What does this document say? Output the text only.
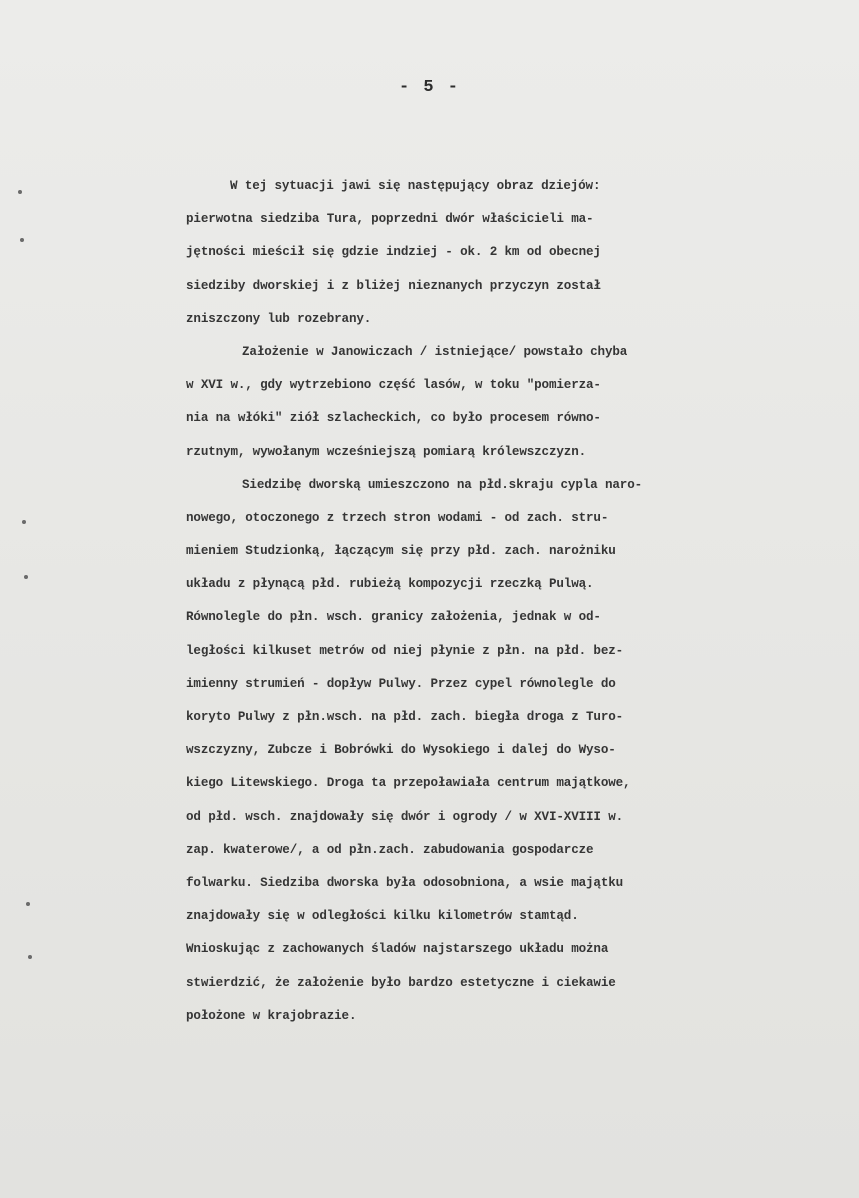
- 5 -
W tej sytuacji jawi się następujący obraz dziejów:
pierwotna siedziba Tura, poprzedni dwór właścicieli ma-
jętności mieścił się gdzie indziej - ok. 2 km od obecnej
siedziby dworskiej i z bliżej nieznanych przyczyn został
zniszczony lub rozebrany.
Założenie w Janowiczach / istniejące/ powstało chyba
w XVI w., gdy wytrzebiono część lasów, w toku "pomierza-
nia na włóki" ziół szlacheckich, co było procesem równo-
rzutnym, wywołanym wcześniejszą pomiarą królewszczyzn.
Siedzibę dworską umieszczono na płd.skraju cypla naro-
nowego, otoczonego z trzech stron wodami - od zach. stru-
mieniem Studzionką, łączącym się przy płd. zach. narożniku
układu z płynącą płd. rubieżą kompozycji rzeczką Pulwą.
Równolegle do płn. wsch. granicy założenia, jednak w od-
ległości kilkuset metrów od niej płynie z płn. na płd. bez-
imienny strumień - dopływ Pulwy. Przez cypel równolegle do
koryto Pulwy z płn.wsch. na płd. zach. biegła droga z Turo-
wszczyzny, Zubcze i Bobrówki do Wysokiego i dalej do Wyso-
kiego Litewskiego. Droga ta przepoławiała centrum majątkowe,
od płd. wsch. znajdowały się dwór i ogrody / w XVI-XVIII w.
zap. kwaterowe/, a od płn.zach. zabudowania gospodarcze
folwarku. Siedziba dworska była odosobniona, a wsie majątku
znajdowały się w odległości kilku kilometrów stamtąd.
Wnioskując z zachowanych śladów najstarszego układu można
stwierdzić, że założenie było bardzo estetyczne i ciekawie
położone w krajobrazie.
